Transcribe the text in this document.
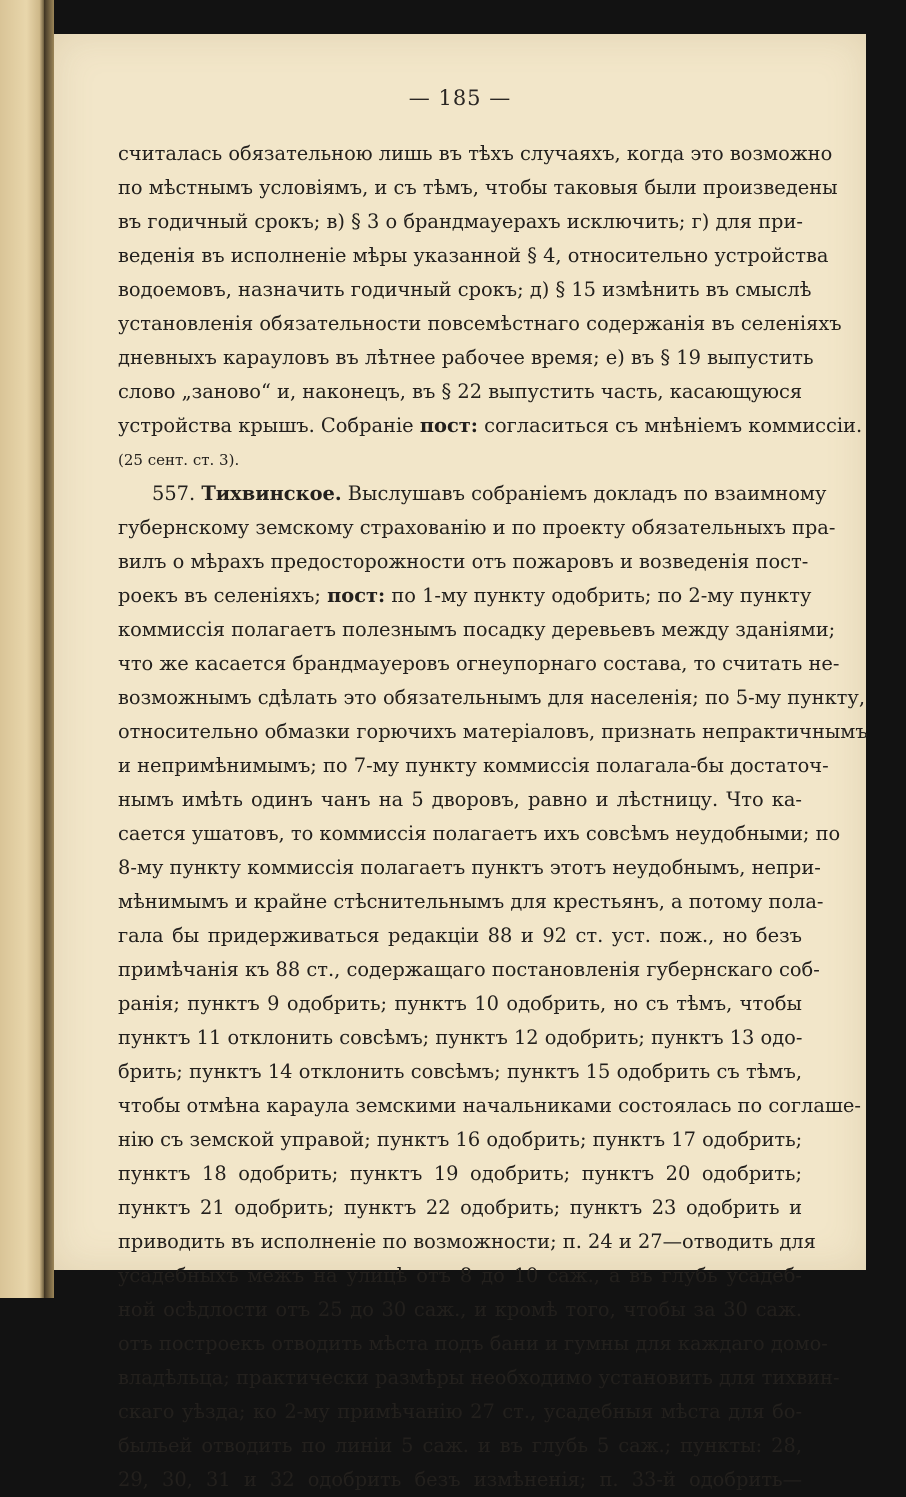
— 185 —
считалась обязательною лишь въ тѣхъ случаяхъ, когда это возможно
по мѣстнымъ условіямъ, и съ тѣмъ, чтобы таковыя были произведены
въ годичный срокъ; в) § 3 о брандмауерахъ исключить; г) для при-
веденія въ исполненіе мѣры указанной § 4, относительно устройства
водоемовъ, назначить годичный срокъ; д) § 15 измѣнить въ смыслѣ
установленія обязательности повсемѣстнаго содержанія въ селеніяхъ
дневныхъ карауловъ въ лѣтнее рабочее время; е) въ § 19 выпустить
слово „заново“ и, наконецъ, въ § 22 выпустить часть, касающуюся
устройства крышъ. Собраніе пост: согласиться съ мнѣніемъ коммиссіи.
(25 сент. ст. 3).
557. Тихвинское. Выслушавъ собраніемъ докладъ по взаимному
губернскому земскому страхованію и по проекту обязательныхъ пра-
вилъ о мѣрахъ предосторожности отъ пожаровъ и возведенія пост-
роекъ въ селеніяхъ; пост: по 1-му пункту одобрить; по 2-му пункту
коммиссія полагаетъ полезнымъ посадку деревьевъ между зданіями;
что же касается брандмауеровъ огнеупорнаго состава, то считать не-
возможнымъ сдѣлать это обязательнымъ для населенія; по 5-му пункту,
относительно обмазки горючихъ матеріаловъ, признать непрактичнымъ
и непримѣнимымъ; по 7-му пункту коммиссія полагала-бы достаточ-
нымъ имѣть одинъ чанъ на 5 дворовъ, равно и лѣстницу. Что ка-
сается ушатовъ, то коммиссія полагаетъ ихъ совсѣмъ неудобными; по
8-му пункту коммиссія полагаетъ пунктъ этотъ неудобнымъ, непри-
мѣнимымъ и крайне стѣснительнымъ для крестьянъ, а потому пола-
гала бы придерживаться редакціи 88 и 92 ст. уст. пож., но безъ
примѣчанія къ 88 ст., содержащаго постановленія губернскаго соб-
ранія; пунктъ 9 одобрить; пунктъ 10 одобрить, но съ тѣмъ, чтобы
пунктъ 11 отклонить совсѣмъ; пунктъ 12 одобрить; пунктъ 13 одо-
брить; пунктъ 14 отклонить совсѣмъ; пунктъ 15 одобрить съ тѣмъ,
чтобы отмѣна караула земскими начальниками состоялась по соглаше-
нію съ земской управой; пунктъ 16 одобрить; пунктъ 17 одобрить;
пунктъ 18 одобрить; пунктъ 19 одобрить; пунктъ 20 одобрить;
пунктъ 21 одобрить; пунктъ 22 одобрить; пунктъ 23 одобрить и
приводить въ исполненіе по возможности; п. 24 и 27—отводить для
усадебныхъ межъ на улицѣ отъ 8 до 10 саж., а въ глубь усадеб-
ной осѣдлости отъ 25 до 30 саж., и кромѣ того, чтобы за 30 саж.
отъ построекъ отводить мѣста подъ бани и гумны для каждаго домо-
владѣльца; практически размѣры необходимо установить для тихвин-
скаго уѣзда; ко 2-му примѣчанію 27 ст., усадебныя мѣста для бо-
быльей отводить по линіи 5 саж. и въ глубь 5 саж.; пункты: 28,
29, 30, 31 и 32 одобрить безъ измѣненія; п. 33-й одобрить—
